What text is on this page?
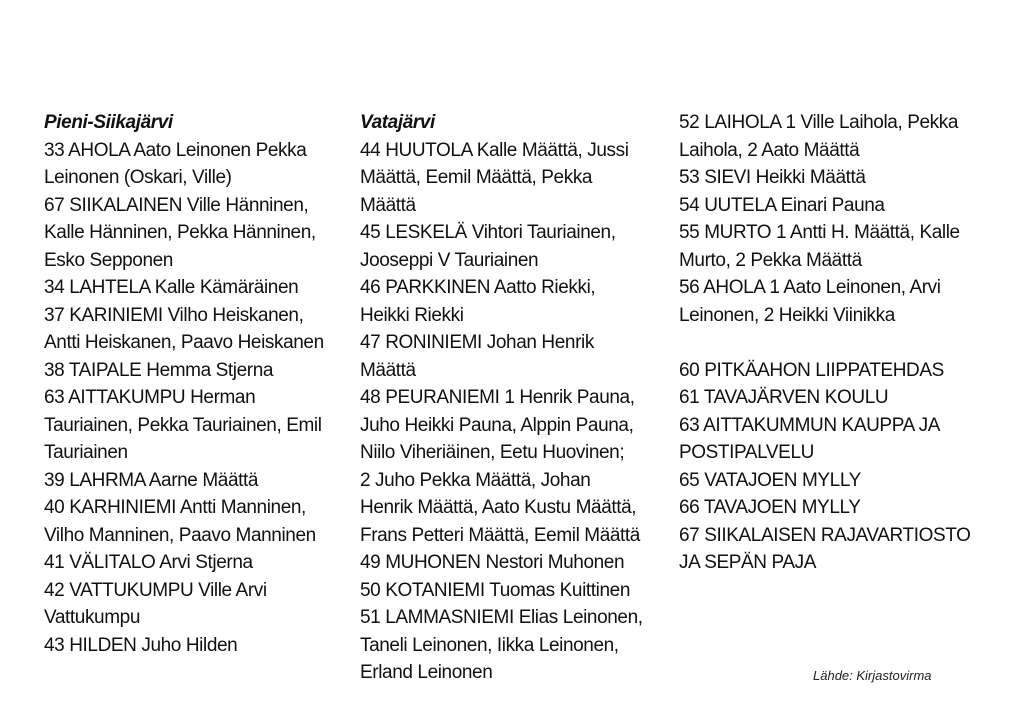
Pieni-Siikajärvi
33 AHOLA Aato Leinonen Pekka
Leinonen (Oskari, Ville)
67 SIIKALAINEN Ville Hänninen,
Kalle Hänninen, Pekka Hänninen,
Esko Sepponen
34 LAHTELA Kalle Kämäräinen
37 KARINIEMI Vilho Heiskanen,
Antti Heiskanen, Paavo Heiskanen
38 TAIPALE Hemma Stjerna
63 AITTAKUMPU Herman
Tauriainen, Pekka Tauriainen, Emil
Tauriainen
39 LAHRMA Aarne Määttä
40 KARHINIEMI Antti Manninen,
Vilho Manninen, Paavo Manninen
41 VÄLITALO Arvi Stjerna
42 VATTUKUMPU Ville Arvi
Vattukumpu
43 HILDEN Juho Hilden
Vatajärvi
44 HUUTOLA Kalle Määttä, Jussi
Määttä, Eemil Määttä, Pekka
Määttä
45 LESKELÄ Vihtori Tauriainen,
Jooseppi V Tauriainen
46 PARKKINEN Aatto Riekki,
Heikki Riekki
47 RONINIEMI Johan Henrik
Määttä
48 PEURANIEMI 1 Henrik Pauna,
Juho Heikki Pauna, Alppin Pauna,
Niilo Viheriäinen, Eetu Huovinen;
2 Juho Pekka Määttä, Johan
Henrik Määttä, Aato Kustu Määttä,
Frans Petteri Määttä, Eemil Määttä
49 MUHONEN Nestori Muhonen
50 KOTANIEMI Tuomas Kuittinen
51 LAMMASNIEMI Elias Leinonen,
Taneli Leinonen, Iikka Leinonen,
Erland Leinonen
52 LAIHOLA 1 Ville Laihola, Pekka
Laihola, 2 Aato Määttä
53 SIEVI Heikki Määttä
54 UUTELA Einari Pauna
55 MURTO 1 Antti H. Määttä, Kalle
Murto, 2 Pekka Määttä
56 AHOLA 1 Aato Leinonen, Arvi
Leinonen, 2 Heikki Viinikka
60 PITKÄAHON LIIPPATEHDAS
61 TAVAJÄRVEN KOULU
63 AITTAKUMMUN KAUPPA JA
POSTIPALVELU
65 VATAJOEN MYLLY
66 TAVAJOEN MYLLY
67 SIIKALAISEN RAJAVARTIOSTO
JA SEPÄN PAJA
Lähde: Kirjastovirma
